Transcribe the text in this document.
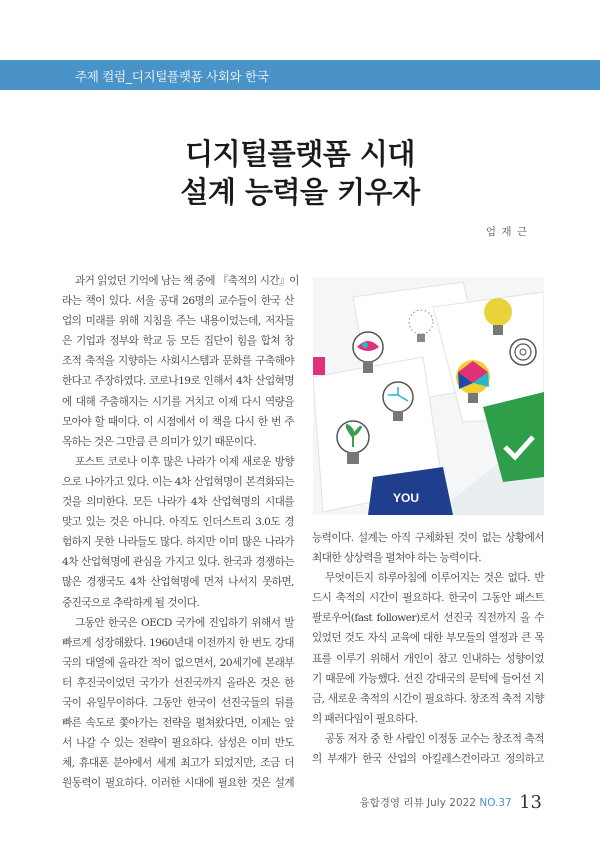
주제 컬럼_디지털플랫폼 사회와 한국
디지털플랫폼 시대
설계 능력을 키우자
엄 재 근

과거 읽었던 기억에 남는 책 중에 『축적의 시간』이

라는 책이 있다. 서울 공대 26명의 교수들이 한국 산

업의 미래를 위해 지침을 주는 내용이었는데, 저자들

은 기업과 정부와 학교 등 모든 집단이 힘을 합쳐 창

조적 축적을 지향하는 사회시스템과 문화를 구축해야

한다고 주장하였다. 코로나19로 인해서 4차 산업혁명

에 대해 주춤해지는 시기를 거치고 이제 다시 역량을

모아야 할 때이다. 이 시점에서 이 책을 다시 한 번 주

목하는 것은 그만큼 큰 의미가 있기 때문이다.

포스트 코로나 이후 많은 나라가 이제 새로운 방향

으로 나아가고 있다. 이는 4차 산업혁명이 본격화되는

것을 의미한다. 모든 나라가 4차 산업혁명의 시대를

맞고 있는 것은 아니다. 아직도 인더스트리 3.0도 경

험하지 못한 나라들도 많다. 하지만 이미 많은 나라가

4차 산업혁명에 관심을 가지고 있다. 한국과 경쟁하는

많은 경쟁국도 4차 산업혁명에 먼저 나서지 못하면,

중진국으로 추락하게 될 것이다.

그동안 한국은 OECD 국가에 진입하기 위해서 발

빠르게 성장해왔다. 1960년대 이전까지 한 번도 강대

국의 대열에 올라간 적이 없으면서, 20세기에 본래부

터 후진국이었던 국가가 선진국까지 올라온 것은 한

국이 유일무이하다. 그동안 한국이 선진국들의 뒤를

빠른 속도로 쫓아가는 전략을 펼쳐왔다면, 이제는 앞

서 나갈 수 있는 전략이 필요하다. 삼성은 이미 반도

체, 휴대폰 분야에서 세계 최고가 되었지만, 조금 더

원동력이 필요하다. 이러한 시대에 필요한 것은 설계

YOU

능력이다. 설계는 아직 구체화된 것이 없는 상황에서

최대한 상상력을 펼쳐야 하는 능력이다.

무엇이든지 하루아침에 이루어지는 것은 없다. 반

드시 축적의 시간이 필요하다. 한국이 그동안 패스트

팔로우어(fast follower)로서 선진국 직전까지 올 수

있었던 것도 자식 교육에 대한 부모들의 열정과 큰 목

표를 이루기 위해서 개인이 참고 인내하는 성향이었

기 때문에 가능했다. 선진 강대국의 문턱에 들어선 지

금, 새로운 축적의 시간이 필요하다. 창조적 축적 지향

의 패러다임이 필요하다.

공동 저자 중 한 사람인 이정동 교수는 창조적 축적

의 부재가 한국 산업의 아킬레스건이라고 정의하고

융합경영 리뷰 July 2022 NO.37 13
